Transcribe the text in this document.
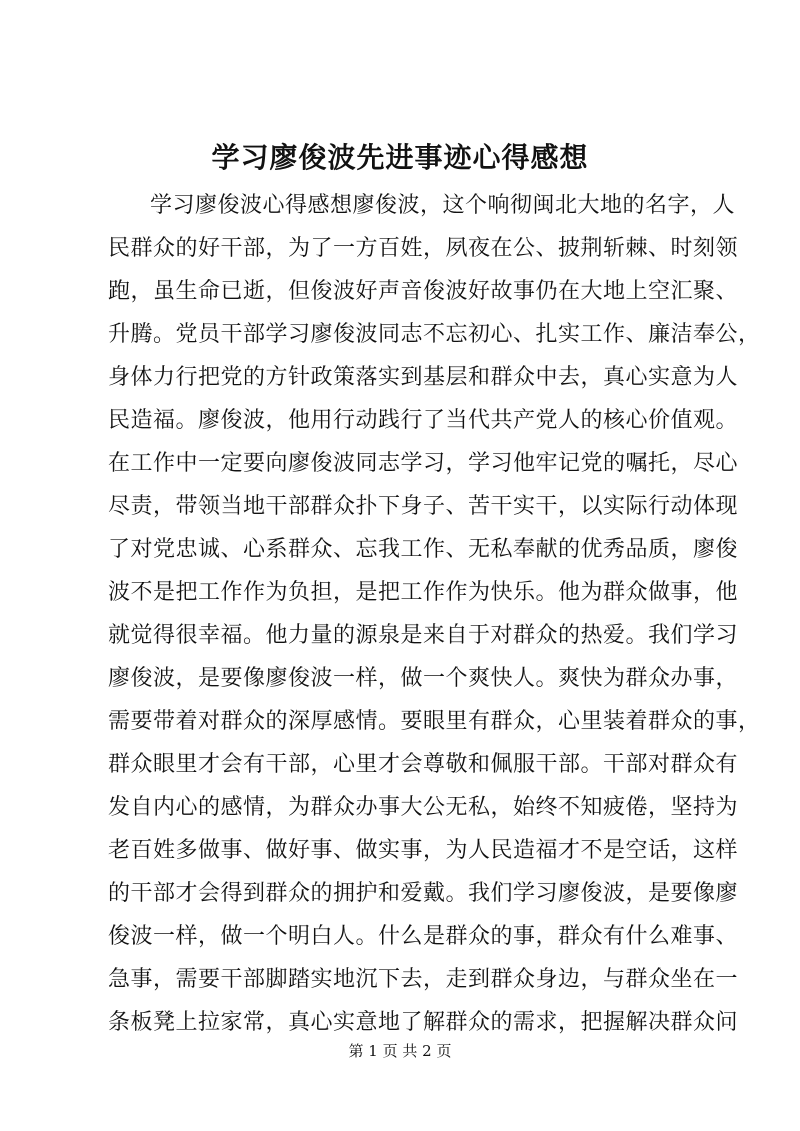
学习廖俊波先进事迹心得感想
学习廖俊波心得感想廖俊波，这个响彻闽北大地的名字，人
民群众的好干部，为了一方百姓，夙夜在公、披荆斩棘、时刻领
跑，虽生命已逝，但俊波好声音俊波好故事仍在大地上空汇聚、
升腾。党员干部学习廖俊波同志不忘初心、扎实工作、廉洁奉公，
身体力行把党的方针政策落实到基层和群众中去，真心实意为人
民造福。廖俊波，他用行动践行了当代共产党人的核心价值观。
在工作中一定要向廖俊波同志学习，学习他牢记党的嘱托，尽心
尽责，带领当地干部群众扑下身子、苦干实干，以实际行动体现
了对党忠诚、心系群众、忘我工作、无私奉献的优秀品质，廖俊
波不是把工作作为负担，是把工作作为快乐。他为群众做事，他
就觉得很幸福。他力量的源泉是来自于对群众的热爱。我们学习
廖俊波，是要像廖俊波一样，做一个爽快人。爽快为群众办事，
需要带着对群众的深厚感情。要眼里有群众，心里装着群众的事，
群众眼里才会有干部，心里才会尊敬和佩服干部。干部对群众有
发自内心的感情，为群众办事大公无私，始终不知疲倦，坚持为
老百姓多做事、做好事、做实事，为人民造福才不是空话，这样
的干部才会得到群众的拥护和爱戴。我们学习廖俊波，是要像廖
俊波一样，做一个明白人。什么是群众的事，群众有什么难事、
急事，需要干部脚踏实地沉下去，走到群众身边，与群众坐在一
条板凳上拉家常，真心实意地了解群众的需求，把握解决群众问
第 1 页 共 2 页
